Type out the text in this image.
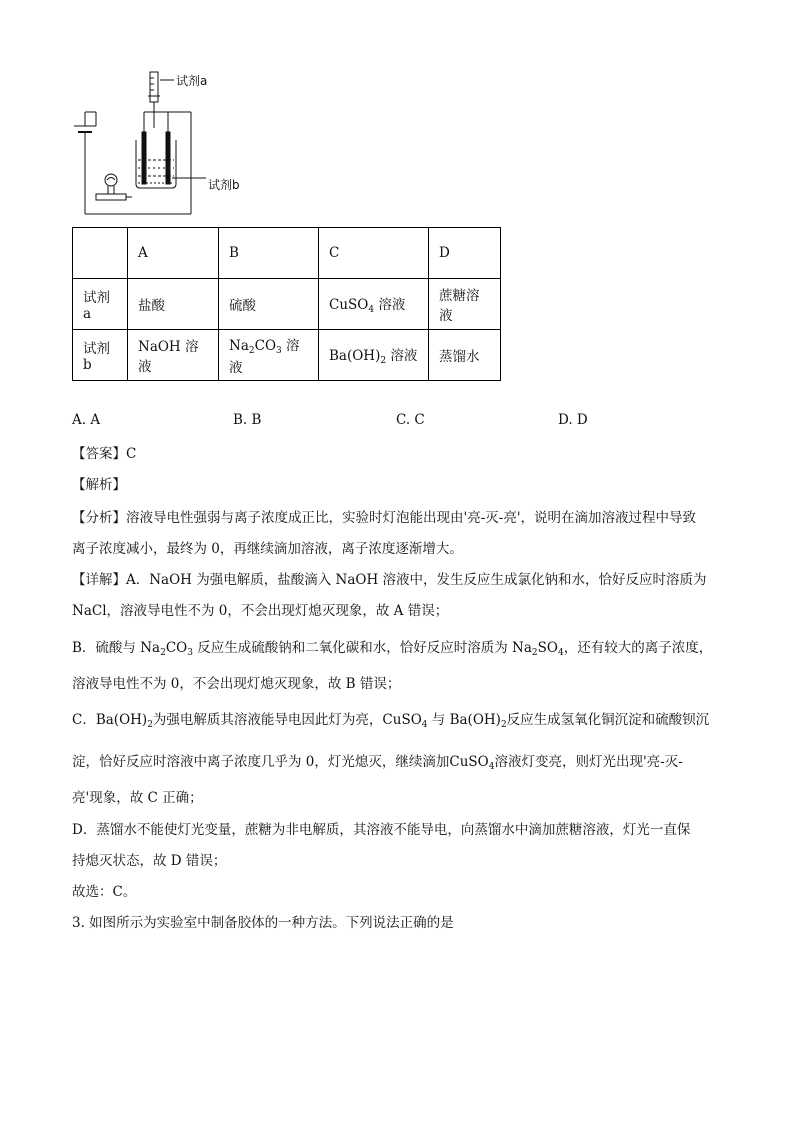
试剂a
试剂b
	A	B	C	D
试剂a	盐酸	硫酸	CuSO$_4$ 溶液	蔗糖溶液
试剂b	NaOH 溶液	$Na_2CO_3$ 溶液	$Ba(OH)_2$ 溶液	蒸馏水
A. A	B. B	C. C	D. D
【答案】C
【解析】
【分析】溶液导电性强弱与离子浓度成正比，实验时灯泡能出现由'亮-灭-亮'，说明在滴加溶液过程中导致
离子浓度减小，最终为 0，再继续滴加溶液，离子浓度逐渐增大。
【详解】A．NaOH 为强电解质，盐酸滴入 NaOH 溶液中，发生反应生成氯化钠和水，恰好反应时溶质为
NaCl，溶液导电性不为 0，不会出现灯熄灭现象，故 A 错误；
B．硫酸与 $Na_2CO_3$ 反应生成硫酸钠和二氧化碳和水，恰好反应时溶质为 $Na_2SO_4$，还有较大的离子浓度，
溶液导电性不为 0，不会出现灯熄灭现象，故 B 错误；
C．$Ba(OH)_2$为强电解质其溶液能导电因此灯为亮，CuSO$_4$ 与 $Ba(OH)_2$反应生成氢氧化铜沉淀和硫酸钡沉
淀，恰好反应时溶液中离子浓度几乎为 0，灯光熄灭，继续滴加CuSO$_4$溶液灯变亮，则灯光出现'亮-灭-
亮'现象，故 C 正确；
D．蒸馏水不能使灯光变量，蔗糖为非电解质，其溶液不能导电，向蒸馏水中滴加蔗糖溶液，灯光一直保
持熄灭状态，故 D 错误；
故选：C。
3. 如图所示为实验室中制备胶体的一种方法。下列说法正确的是
